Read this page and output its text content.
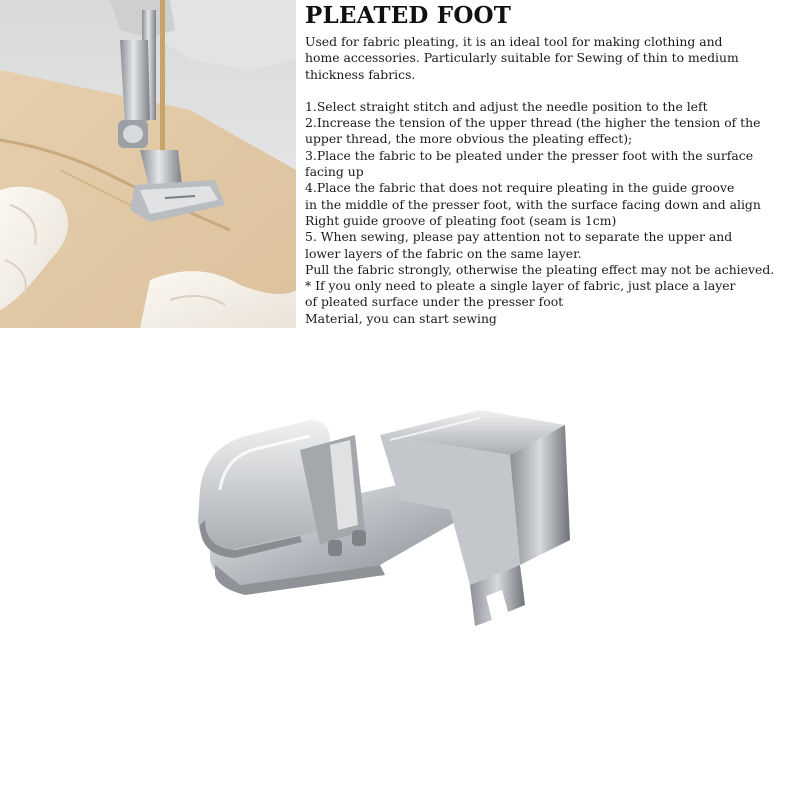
PLEATED FOOT
Used for fabric pleating, it is an ideal tool for making clothing and
home accessories. Particularly suitable for Sewing of thin to medium
thickness fabrics.
1.Select straight stitch and adjust the needle position to the left
2.Increase the tension of the upper thread (the higher the tension of the
upper thread, the more obvious the pleating effect);
3.Place the fabric to be pleated under the presser foot with the surface
facing up
4.Place the fabric that does not require pleating in the guide groove
in the middle of the presser foot, with the surface facing down and align
Right guide groove of pleating foot (seam is 1cm)
5. When sewing, please pay attention not to separate the upper and
lower layers of the fabric on the same layer.
Pull the fabric strongly, otherwise the pleating effect may not be achieved.
* If you only need to pleate a single layer of fabric, just place a layer
of pleated surface under the presser foot
Material, you can start sewing
